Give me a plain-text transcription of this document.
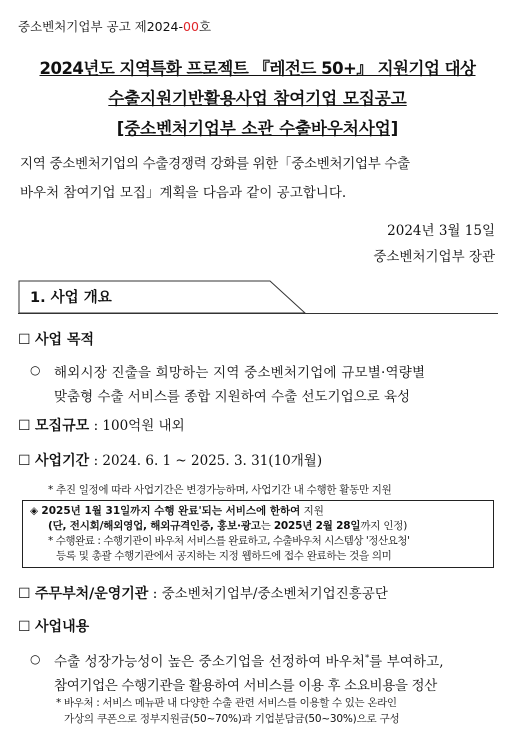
중소벤처기업부 공고 제2024-00호
2024년도 지역특화 프로젝트 『레전드 50+』 지원기업 대상
수출지원기반활용사업 참여기업 모집공고
[중소벤처기업부 소관 수출바우처사업]
지역 중소벤처기업의 수출경쟁력 강화를 위한「중소벤처기업부 수출
바우처 참여기업 모집」계획을 다음과 같이 공고합니다.
2024년 3월 15일
중소벤처기업부 장관
1. 사업 개요
☐ 사업 목적
○ 해외시장 진출을 희망하는 지역 중소벤처기업에 규모별·역량별
맞춤형 수출 서비스를 종합 지원하여 수출 선도기업으로 육성
☐ 모집규모 : 100억원 내외
☐ 사업기간 : 2024. 6. 1 ~ 2025. 3. 31(10개월)
* 추진 일정에 따라 사업기간은 변경가능하며, 사업기간 내 수행한 활동만 지원
◈ 2025년 1월 31일까지 수행 완료'되는 서비스에 한하여 지원
(단, 전시회/해외영업, 해외규격인증, 홍보·광고는 2025년 2월 28일까지 인정)
* 수행완료 : 수행기관이 바우처 서비스를 완료하고, 수출바우처 시스템상 '정산요청'
등록 및 총괄 수행기관에서 공지하는 지정 웹하드에 접수 완료하는 것을 의미
☐ 주무부처/운영기관 : 중소벤처기업부/중소벤처기업진흥공단
☐ 사업내용
○ 수출 성장가능성이 높은 중소기업을 선정하여 바우처*를 부여하고,
참여기업은 수행기관을 활용하여 서비스를 이용 후 소요비용을 정산
* 바우처 : 서비스 메뉴판 내 다양한 수출 관련 서비스를 이용할 수 있는 온라인
가상의 쿠폰으로 정부지원금(50~70%)과 기업분담금(50~30%)으로 구성
